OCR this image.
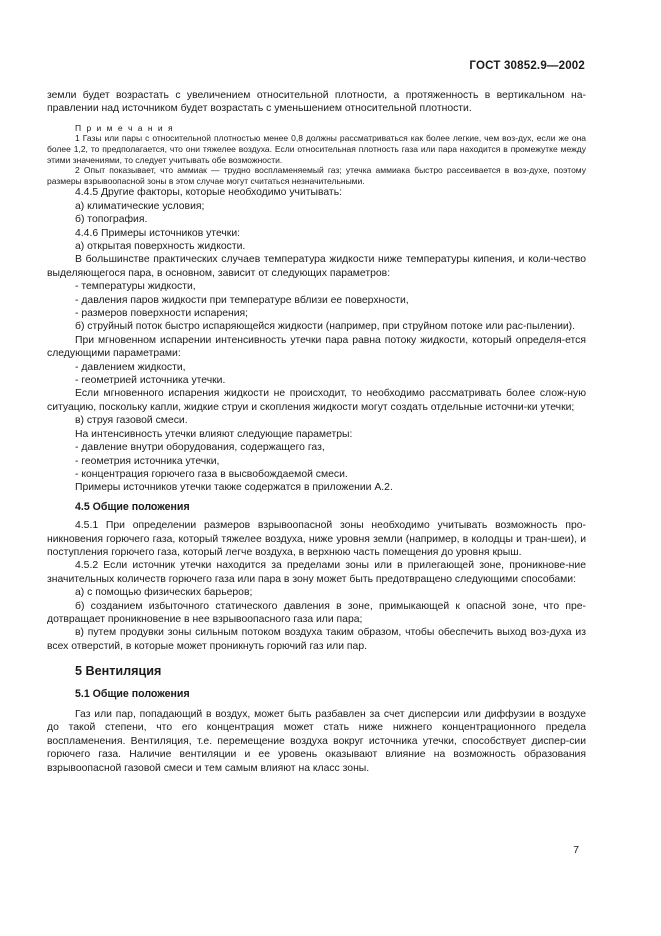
ГОСТ 30852.9—2002

земли будет возрастать с увеличением относительной плотности, а протяженность в вертикальном на-правлении над источником будет возрастать с уменьшением относительной плотности.

П р и м е ч а н и я

1 Газы или пары с относительной плотностью менее 0,8 должны рассматриваться как более легкие, чем воз-дух, если же она более 1,2, то предполагается, что они тяжелее воздуха. Если относительная плотность газа или пара находится в промежутке между этими значениями, то следует учитывать обе возможности.

2 Опыт показывает, что аммиак — трудно воспламеняемый газ; утечка аммиака быстро рассеивается в воз-духе, поэтому размеры взрывоопасной зоны в этом случае могут считаться незначительными.

4.4.5 Другие факторы, которые необходимо учитывать:

а) климатические условия;

б) топография.

4.4.6 Примеры источников утечки:

а) открытая поверхность жидкости.

В большинстве практических случаев температура жидкости ниже температуры кипения, и коли-чество выделяющегося пара, в основном, зависит от следующих параметров:

- температуры жидкости,

- давления паров жидкости при температуре вблизи ее поверхности,

- размеров поверхности испарения;

б) струйный поток быстро испаряющейся жидкости (например, при струйном потоке или рас-пылении).

При мгновенном испарении интенсивность утечки пара равна потоку жидкости, который определя-ется следующими параметрами:

- давлением жидкости,

- геометрией источника утечки.

Если мгновенного испарения жидкости не происходит, то необходимо рассматривать более слож-ную ситуацию, поскольку капли, жидкие струи и скопления жидкости могут создать отдельные источни-ки утечки;

в) струя газовой смеси.

На интенсивность утечки влияют следующие параметры:

- давление внутри оборудования, содержащего газ,

- геометрия источника утечки,

- концентрация горючего газа в высвобождаемой смеси.

Примеры источников утечки также содержатся в приложении А.2.

4.5 Общие положения

4.5.1 При определении размеров взрывоопасной зоны необходимо учитывать возможность про-никновения горючего газа, который тяжелее воздуха, ниже уровня земли (например, в колодцы и тран-шеи), и поступления горючего газа, который легче воздуха, в верхнюю часть помещения до уровня крыш.

4.5.2 Если источник утечки находится за пределами зоны или в прилегающей зоне, проникнове-ние значительных количеств горючего газа или пара в зону может быть предотвращено следующими способами:

а) с помощью физических барьеров;

б) созданием избыточного статического давления в зоне, примыкающей к опасной зоне, что пре-дотвращает проникновение в нее взрывоопасного газа или пара;

в) путем продувки зоны сильным потоком воздуха таким образом, чтобы обеспечить выход воз-духа из всех отверстий, в которые может проникнуть горючий газ или пар.

5 Вентиляция

5.1 Общие положения

Газ или пар, попадающий в воздух, может быть разбавлен за счет дисперсии или диффузии в воздухе до такой степени, что его концентрация может стать ниже нижнего концентрационного предела воспламенения. Вентиляция, т.е. перемещение воздуха вокруг источника утечки, способствует диспер-сии горючего газа. Наличие вентиляции и ее уровень оказывают влияние на возможность образования взрывоопасной газовой смеси и тем самым влияют на класс зоны.

7
